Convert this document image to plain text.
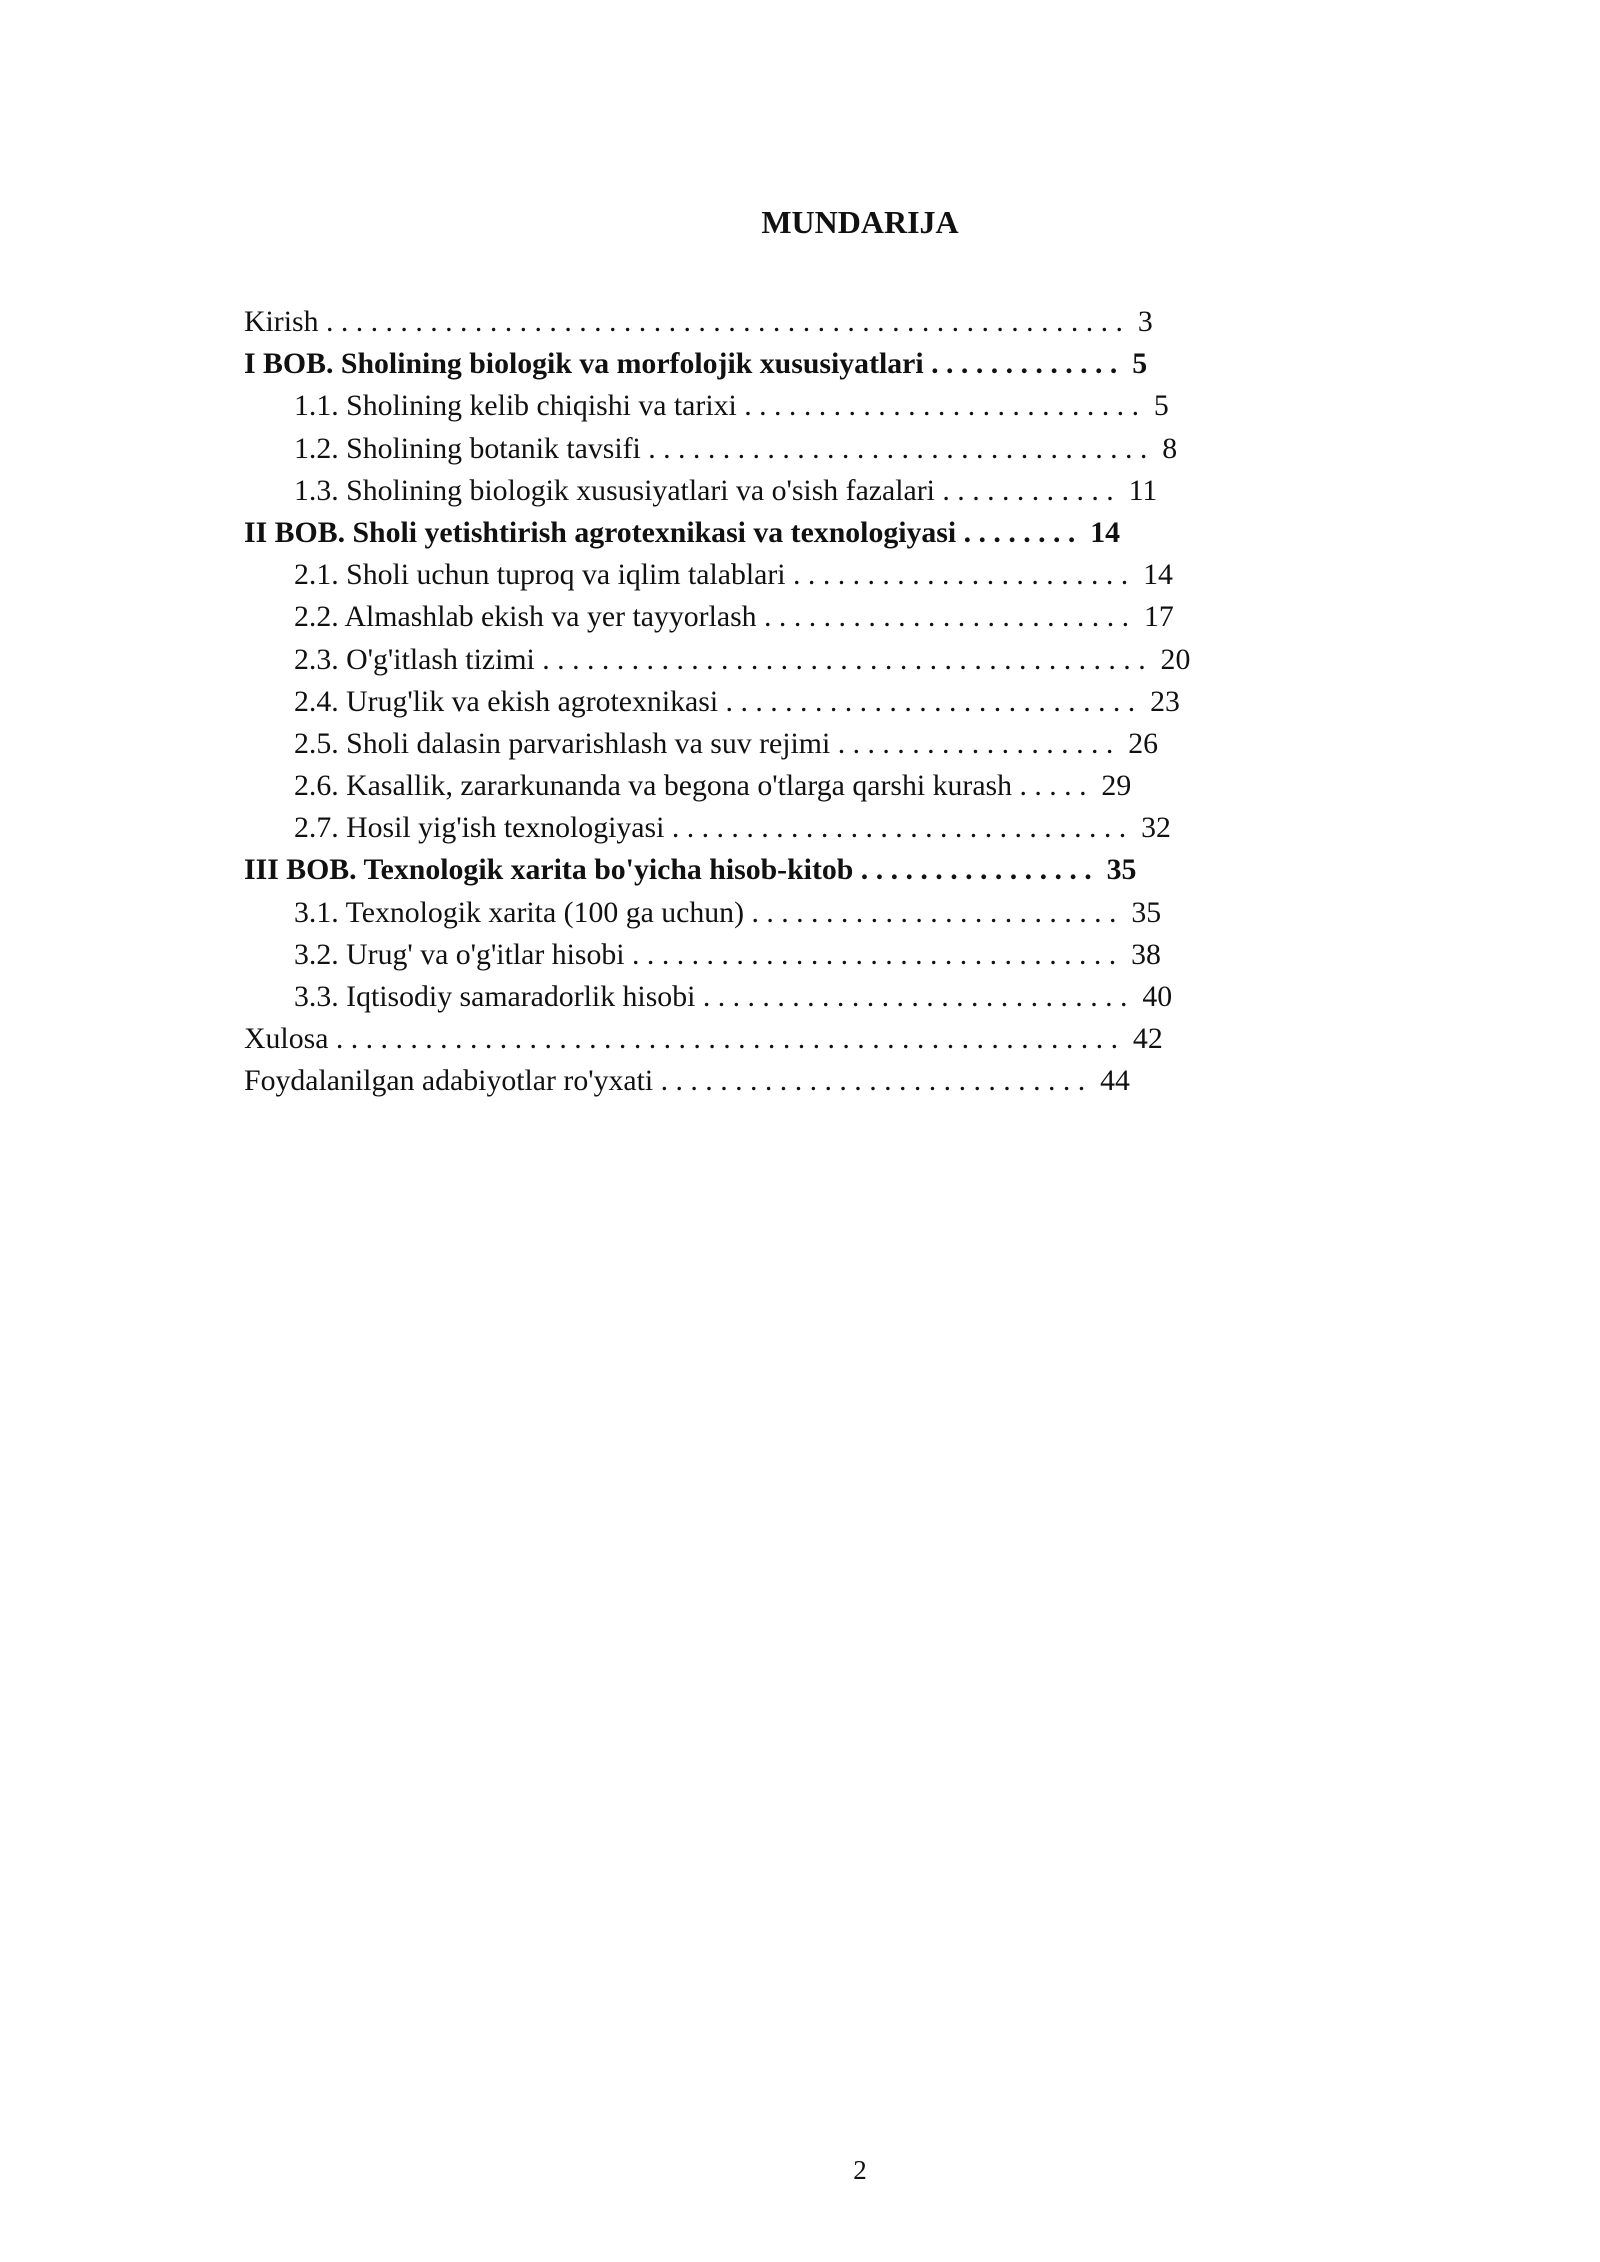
MUNDARIJA
Kirish . . . . . . . . . . . . . . . . . . . . . . . . . . . . . . . . . . . . . . . . . . . . . . . . . . . . . . 3
I BOB. Sholining biologik va morfolojik xususiyatlari . . . . . . . . . . . . . 5
1.1. Sholining kelib chiqishi va tarixi . . . . . . . . . . . . . . . . . . . . . . . . . . . 5
1.2. Sholining botanik tavsifi . . . . . . . . . . . . . . . . . . . . . . . . . . . . . . . . . . 8
1.3. Sholining biologik xususiyatlari va o'sish fazalari . . . . . . . . . . . . 11
II BOB. Sholi yetishtirish agrotexnikasi va texnologiyasi . . . . . . . . 14
2.1. Sholi uchun tuproq va iqlim talablari . . . . . . . . . . . . . . . . . . . . . . . 14
2.2. Almashlab ekish va yer tayyorlash . . . . . . . . . . . . . . . . . . . . . . . . . 17
2.3. O'g'itlash tizimi . . . . . . . . . . . . . . . . . . . . . . . . . . . . . . . . . . . . . . . . . 20
2.4. Urug'lik va ekish agrotexnikasi . . . . . . . . . . . . . . . . . . . . . . . . . . . . 23
2.5. Sholi dalasin parvarishlash va suv rejimi . . . . . . . . . . . . . . . . . . . 26
2.6. Kasallik, zararkunanda va begona o'tlarga qarshi kurash . . . . . 29
2.7. Hosil yig'ish texnologiyasi . . . . . . . . . . . . . . . . . . . . . . . . . . . . . . . 32
III BOB. Texnologik xarita bo'yicha hisob-kitob . . . . . . . . . . . . . . . . 35
3.1. Texnologik xarita (100 ga uchun) . . . . . . . . . . . . . . . . . . . . . . . . . 35
3.2. Urug' va o'g'itlar hisobi . . . . . . . . . . . . . . . . . . . . . . . . . . . . . . . . . 38
3.3. Iqtisodiy samaradorlik hisobi . . . . . . . . . . . . . . . . . . . . . . . . . . . . . 40
Xulosa . . . . . . . . . . . . . . . . . . . . . . . . . . . . . . . . . . . . . . . . . . . . . . . . . . . . . 42
Foydalanilgan adabiyotlar ro'yxati . . . . . . . . . . . . . . . . . . . . . . . . . . . . . 44
2
